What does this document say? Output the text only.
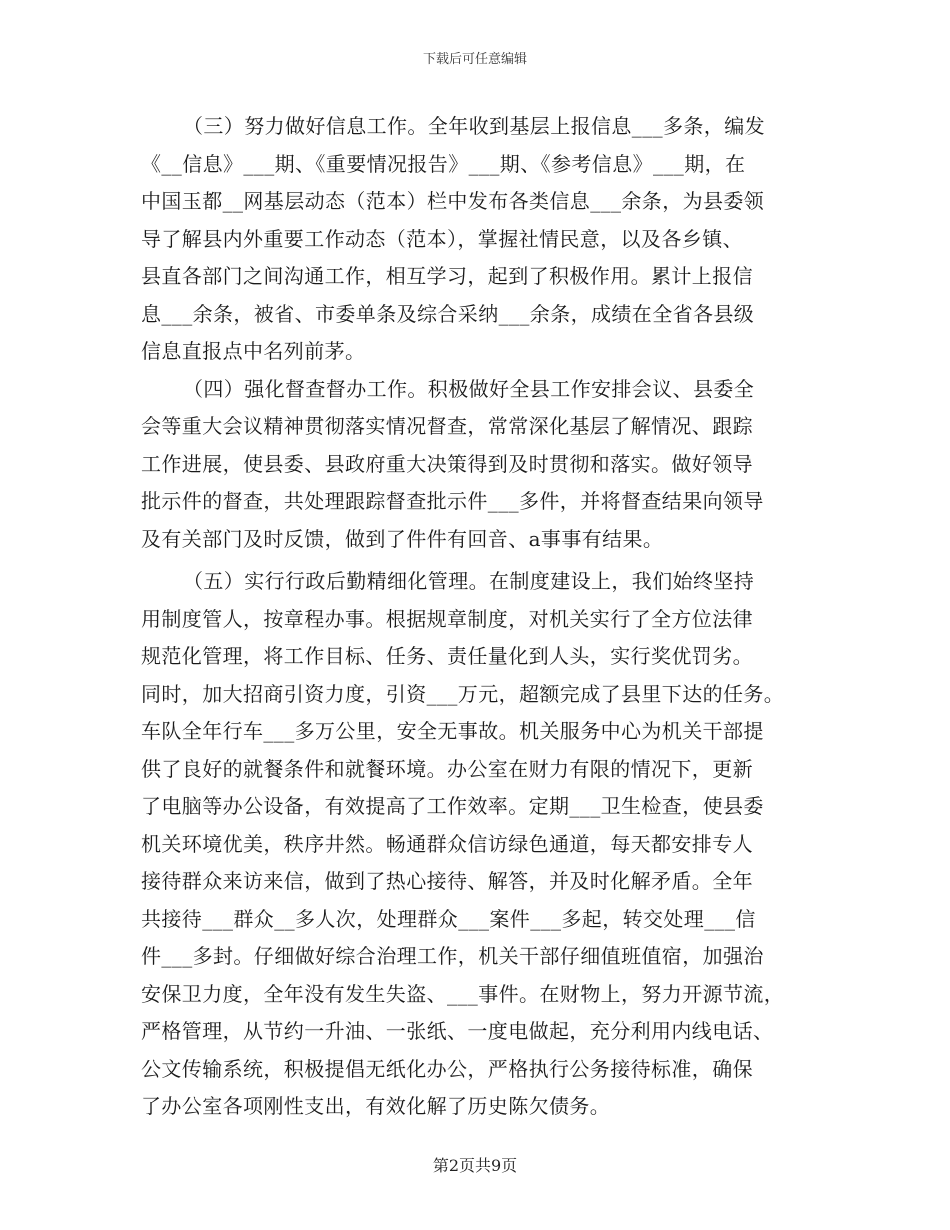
下载后可任意编辑
（三）努力做好信息工作。全年收到基层上报信息___多条，编发
《__信息》___期、《重要情况报告》___期、《参考信息》___期，在
中国玉都__网基层动态（范本）栏中发布各类信息___余条，为县委领
导了解县内外重要工作动态（范本），掌握社情民意，以及各乡镇、
县直各部门之间沟通工作，相互学习，起到了积极作用。累计上报信
息___余条，被省、市委单条及综合采纳___余条，成绩在全省各县级
信息直报点中名列前茅。
（四）强化督查督办工作。积极做好全县工作安排会议、县委全
会等重大会议精神贯彻落实情况督查，常常深化基层了解情况、跟踪
工作进展，使县委、县政府重大决策得到及时贯彻和落实。做好领导
批示件的督查，共处理跟踪督查批示件___多件，并将督查结果向领导
及有关部门及时反馈，做到了件件有回音、a事事有结果。
（五）实行行政后勤精细化管理。在制度建设上，我们始终坚持
用制度管人，按章程办事。根据规章制度，对机关实行了全方位法律
规范化管理，将工作目标、任务、责任量化到人头，实行奖优罚劣。
同时，加大招商引资力度，引资___万元，超额完成了县里下达的任务。
车队全年行车___多万公里，安全无事故。机关服务中心为机关干部提
供了良好的就餐条件和就餐环境。办公室在财力有限的情况下，更新
了电脑等办公设备，有效提高了工作效率。定期___卫生检查，使县委
机关环境优美，秩序井然。畅通群众信访绿色通道，每天都安排专人
接待群众来访来信，做到了热心接待、解答，并及时化解矛盾。全年
共接待___群众__多人次，处理群众___案件___多起，转交处理___信
件___多封。仔细做好综合治理工作，机关干部仔细值班值宿，加强治
安保卫力度，全年没有发生失盗、___事件。在财物上，努力开源节流，
严格管理，从节约一升油、一张纸、一度电做起，充分利用内线电话、
公文传输系统，积极提倡无纸化办公，严格执行公务接待标准，确保
了办公室各项刚性支出，有效化解了历史陈欠债务。
第2页共9页
